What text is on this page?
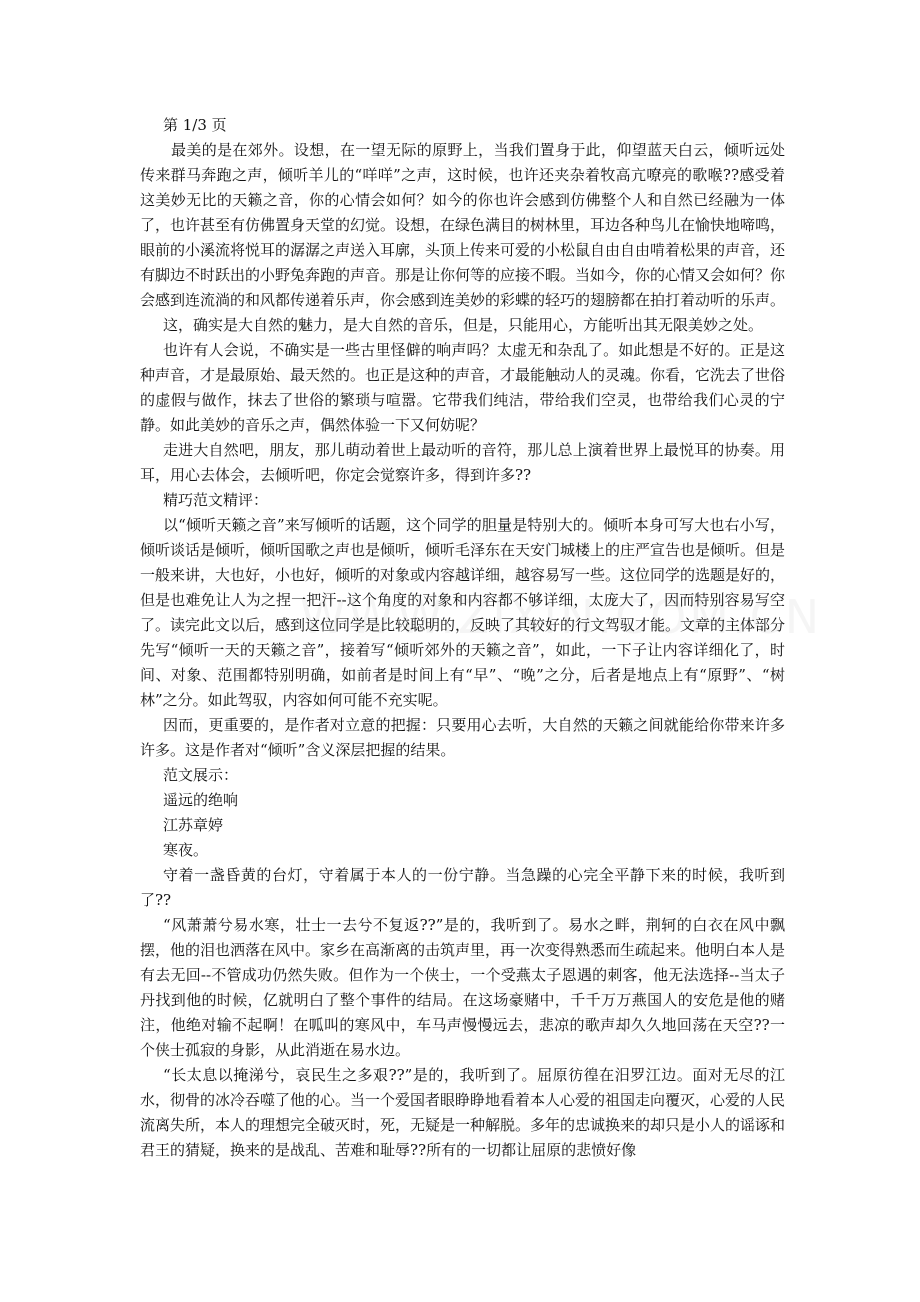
第 1/3 页

最美的是在郊外。设想，在一望无际的原野上，当我们置身于此，仰望蓝天白云，倾听远处传来群马奔跑之声，倾听羊儿的“咩咩”之声，这时候，也许还夹杂着牧高亢嘹亮的歌喉??感受着这美妙无比的天籁之音，你的心情会如何？如今的你也许会感到仿佛整个人和自然已经融为一体了，也许甚至有仿佛置身天堂的幻觉。设想，在绿色满目的树林里，耳边各种鸟儿在愉快地啼鸣，眼前的小溪流将悦耳的潺潺之声送入耳廓，头顶上传来可爱的小松鼠自由自由啃着松果的声音，还有脚边不时跃出的小野兔奔跑的声音。那是让你何等的应接不暇。当如今，你的心情又会如何？你会感到连流淌的和风都传递着乐声，你会感到连美妙的彩蝶的轻巧的翅膀都在拍打着动听的乐声。

这，确实是大自然的魅力，是大自然的音乐，但是，只能用心，方能听出其无限美妙之处。

也许有人会说，不确实是一些古里怪僻的响声吗？太虚无和杂乱了。如此想是不好的。正是这种声音，才是最原始、最天然的。也正是这种的声音，才最能触动人的灵魂。你看，它洗去了世俗的虚假与做作，抹去了世俗的繁琐与喧嚣。它带我们纯洁，带给我们空灵，也带给我们心灵的宁静。如此美妙的音乐之声，偶然体验一下又何妨呢？

走进大自然吧，朋友，那儿萌动着世上最动听的音符，那儿总上演着世界上最悦耳的协奏。用耳，用心去体会，去倾听吧，你定会觉察许多，得到许多??

精巧范文精评：

以“倾听天籁之音”来写倾听的话题，这个同学的胆量是特别大的。倾听本身可写大也右小写，倾听谈话是倾听，倾听国歌之声也是倾听，倾听毛泽东在天安门城楼上的庄严宣告也是倾听。但是一般来讲，大也好，小也好，倾听的对象或内容越详细，越容易写一些。这位同学的选题是好的，但是也难免让人为之捏一把汗--这个角度的对象和内容都不够详细，太庞大了，因而特别容易写空了。读完此文以后，感到这位同学是比较聪明的，反映了其较好的行文驾驭才能。文章的主体部分先写“倾听一天的天籁之音”，接着写“倾听郊外的天籁之音”，如此，一下子让内容详细化了，时间、对象、范围都特别明确，如前者是时间上有“早”、“晚”之分，后者是地点上有“原野”、“树林”之分。如此驾驭，内容如何可能不充实呢。

因而，更重要的，是作者对立意的把握：只要用心去听，大自然的天籁之间就能给你带来许多许多。这是作者对“倾听”含义深层把握的结果。

范文展示：

遥远的绝响

江苏章婷

寒夜。

守着一盏昏黄的台灯，守着属于本人的一份宁静。当急躁的心完全平静下来的时候，我听到了??

“风萧萧兮易水寒，壮士一去兮不复返??”是的，我听到了。易水之畔，荆轲的白衣在风中飘摆，他的泪也洒落在风中。家乡在高渐离的击筑声里，再一次变得熟悉而生疏起来。他明白本人是有去无回--不管成功仍然失败。但作为一个侠士，一个受燕太子恩遇的刺客，他无法选择--当太子丹找到他的时候，亿就明白了整个事件的结局。在这场豪赌中，千千万万燕国人的安危是他的赌注，他绝对输不起啊！在呱叫的寒风中，车马声慢慢远去，悲凉的歌声却久久地回荡在天空??一个侠士孤寂的身影，从此消逝在易水边。

“长太息以掩涕兮，哀民生之多艰??”是的，我听到了。屈原彷徨在汨罗江边。面对无尽的江水，彻骨的冰冷吞噬了他的心。当一个爱国者眼睁睁地看着本人心爱的祖国走向覆灭，心爱的人民流离失所，本人的理想完全破灭时，死，无疑是一种解脱。多年的忠诚换来的却只是小人的谣诼和君王的猜疑，换来的是战乱、苦难和耻辱??所有的一切都让屈原的悲愤好像
